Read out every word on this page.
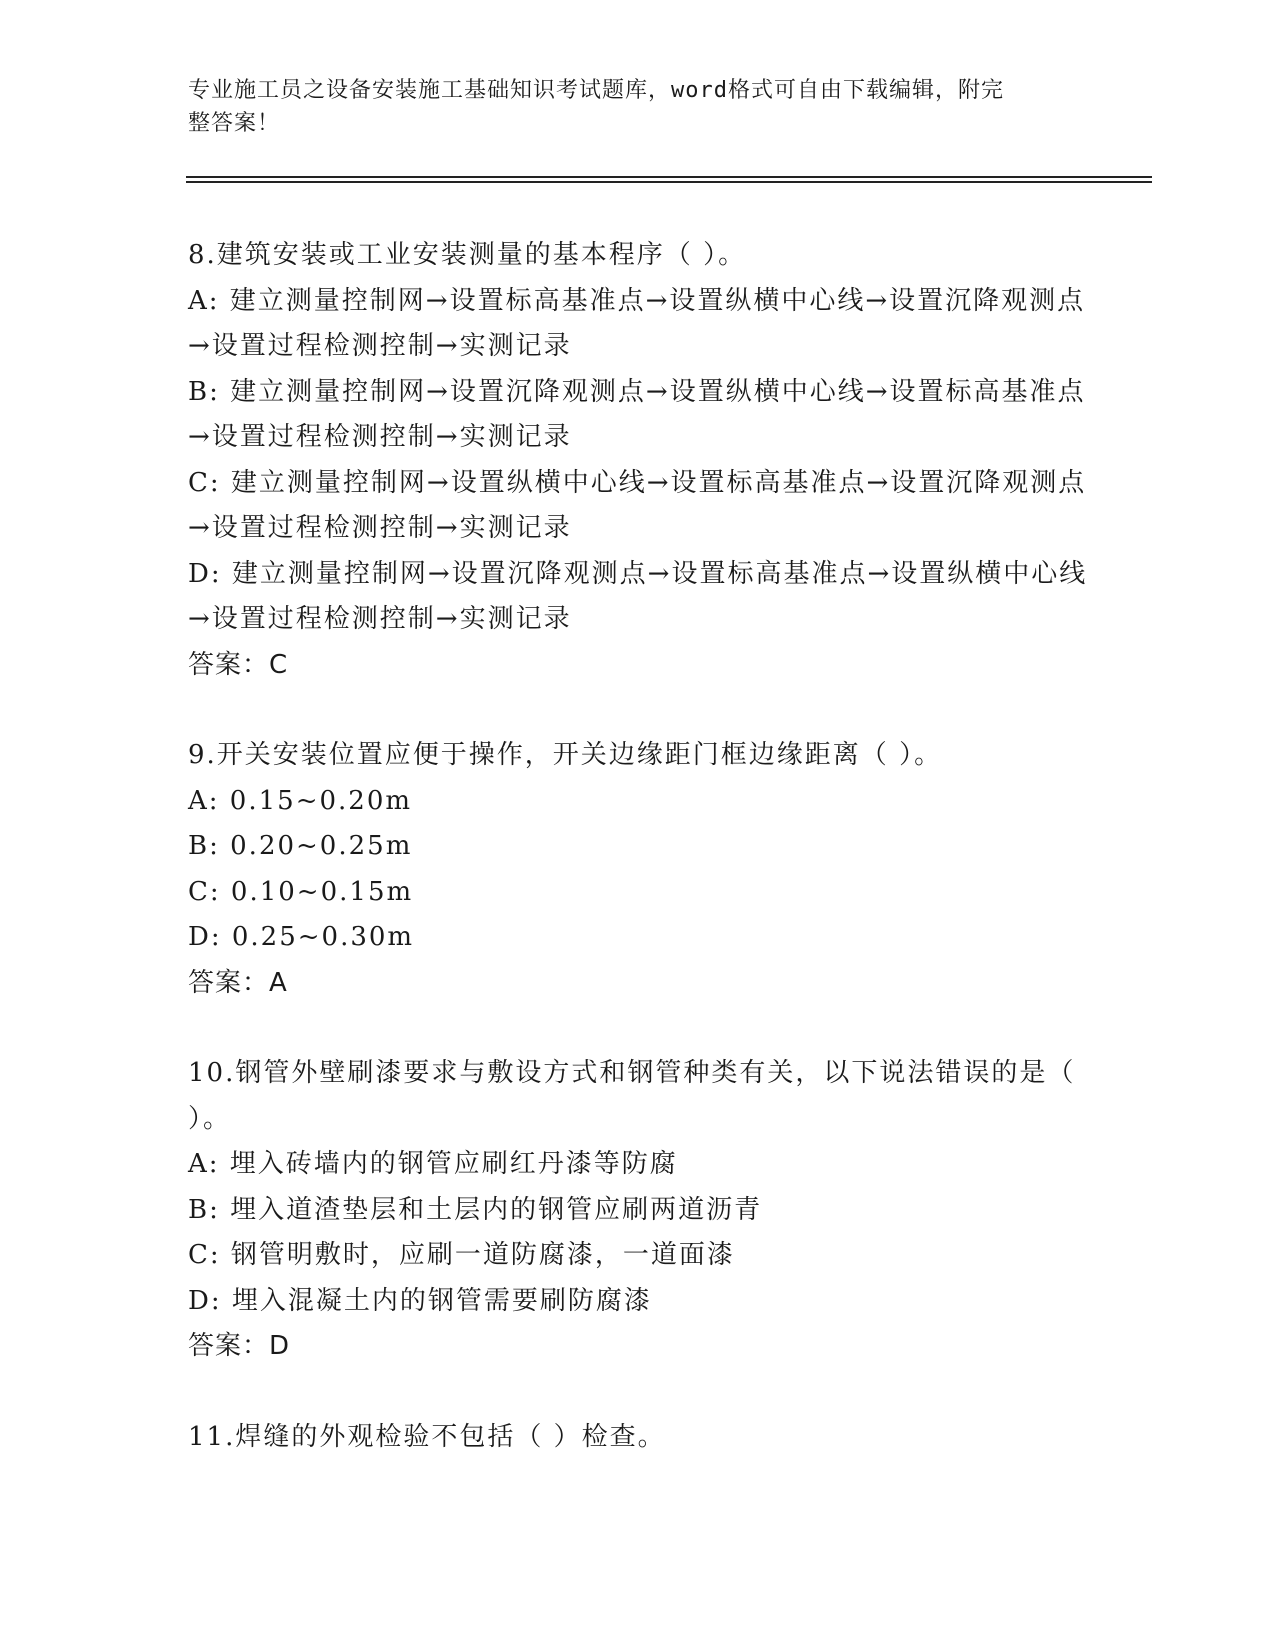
专业施工员之设备安装施工基础知识考试题库，word格式可自由下载编辑，附完
整答案！

8.建筑安装或工业安装测量的基本程序（ ）。

A: 建立测量控制网→设置标高基准点→设置纵横中心线→设置沉降观测点→设置过程检测控制→实测记录

B: 建立测量控制网→设置沉降观测点→设置纵横中心线→设置标高基准点→设置过程检测控制→实测记录

C: 建立测量控制网→设置纵横中心线→设置标高基准点→设置沉降观测点→设置过程检测控制→实测记录

D: 建立测量控制网→设置沉降观测点→设置标高基准点→设置纵横中心线→设置过程检测控制→实测记录

答案：C

9.开关安装位置应便于操作，开关边缘距门框边缘距离（ ）。

A: 0.15~0.20m

B: 0.20~0.25m

C: 0.10~0.15m

D: 0.25~0.30m

答案：A

10.钢管外壁刷漆要求与敷设方式和钢管种类有关，以下说法错误的是（ ）。

A: 埋入砖墙内的钢管应刷红丹漆等防腐

B: 埋入道渣垫层和土层内的钢管应刷两道沥青

C: 钢管明敷时，应刷一道防腐漆，一道面漆

D: 埋入混凝土内的钢管需要刷防腐漆

答案：D

11.焊缝的外观检验不包括（ ）检查。
